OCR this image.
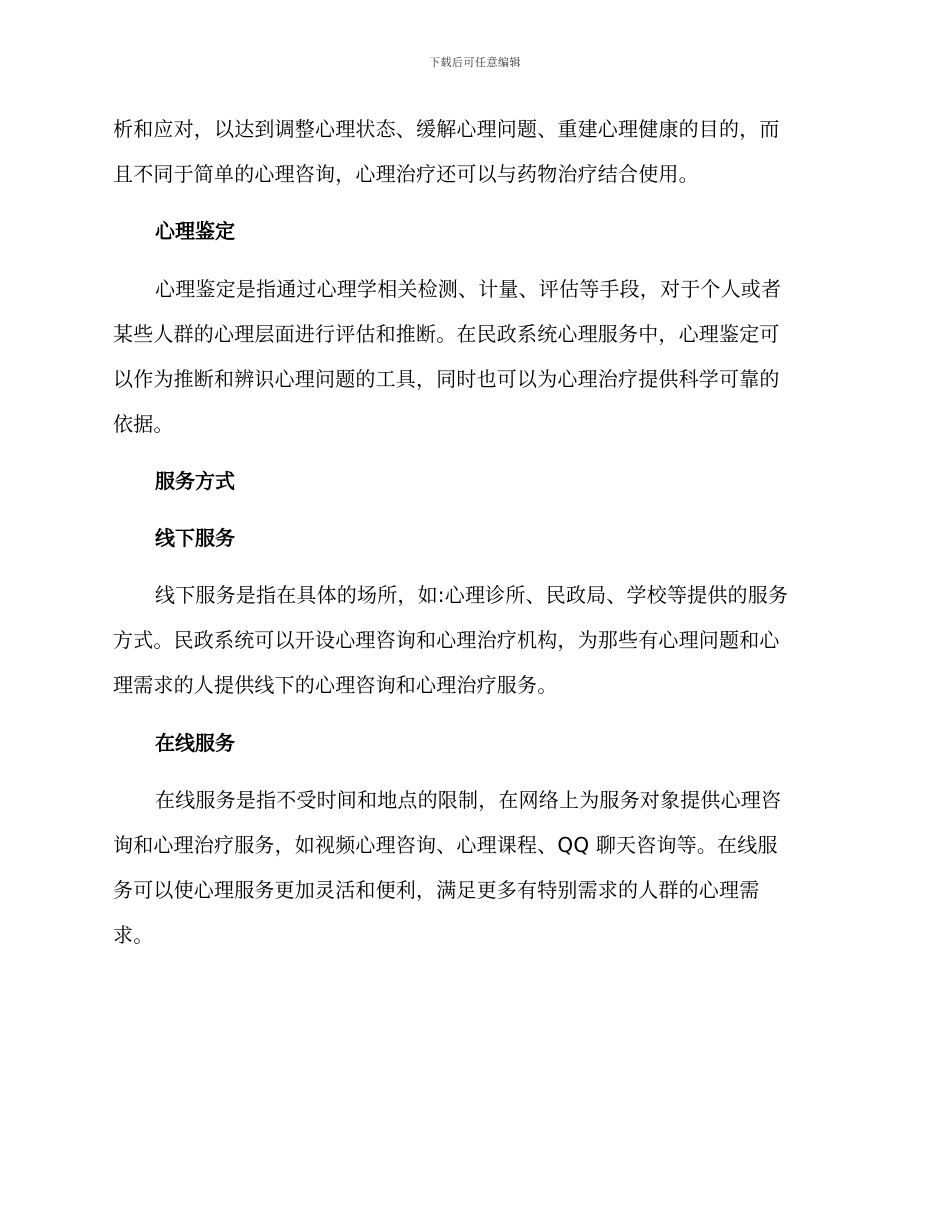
下载后可任意编辑

析和应对，以达到调整心理状态、缓解心理问题、重建心理健康的目的，而

且不同于简单的心理咨询，心理治疗还可以与药物治疗结合使用。

心理鉴定

心理鉴定是指通过心理学相关检测、计量、评估等手段，对于个人或者

某些人群的心理层面进行评估和推断。在民政系统心理服务中，心理鉴定可

以作为推断和辨识心理问题的工具，同时也可以为心理治疗提供科学可靠的

依据。

服务方式
线下服务

线下服务是指在具体的场所，如:心理诊所、民政局、学校等提供的服务

方式。民政系统可以开设心理咨询和心理治疗机构，为那些有心理问题和心

理需求的人提供线下的心理咨询和心理治疗服务。

在线服务

在线服务是指不受时间和地点的限制，在网络上为服务对象提供心理咨

询和心理治疗服务，如视频心理咨询、心理课程、QQ 聊天咨询等。在线服

务可以使心理服务更加灵活和便利，满足更多有特别需求的人群的心理需

求。
